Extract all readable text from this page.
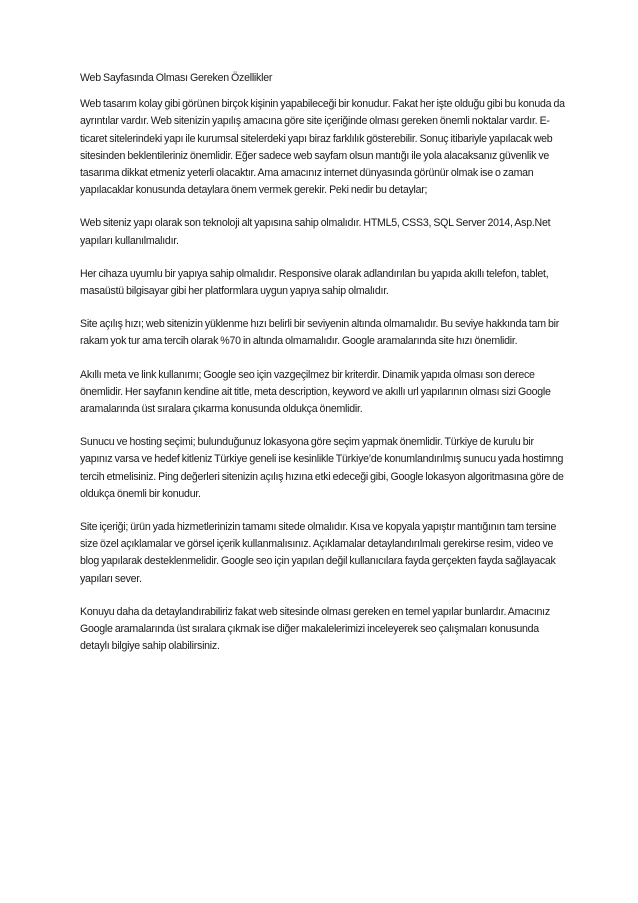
Web Sayfasında Olması Gereken Özellikler

Web tasarım kolay gibi görünen birçok kişinin yapabileceği bir konudur. Fakat her işte olduğu gibi bu konuda da ayrıntılar vardır. Web sitenizin yapılış amacına göre site içeriğinde olması gereken önemli noktalar vardır. E-ticaret sitelerindeki yapı ile kurumsal sitelerdeki yapı biraz farklılık gösterebilir. Sonuç itibariyle yapılacak web sitesinden beklentileriniz önemlidir. Eğer sadece web sayfam olsun mantığı ile yola alacaksanız güvenlik ve tasarıma dikkat etmeniz yeterli olacaktır. Ama amacınız internet dünyasında görünür olmak ise o zaman yapılacaklar konusunda detaylara önem vermek gerekir. Peki nedir bu detaylar;

Web siteniz yapı olarak son teknoloji alt yapısına sahip olmalıdır. HTML5, CSS3, SQL Server 2014, Asp.Net yapıları kullanılmalıdır.

Her cihaza uyumlu bir yapıya sahip olmalıdır. Responsive olarak adlandırılan bu yapıda akıllı telefon, tablet, masaüstü bilgisayar gibi her platformlara uygun yapıya sahip olmalıdır.

Site açılış hızı; web sitenizin yüklenme hızı belirli bir seviyenin altında olmamalıdır. Bu seviye hakkında tam bir rakam yok tur ama tercih olarak %70 in altında olmamalıdır. Google aramalarında site hızı önemlidir.

Akıllı meta ve link kullanımı; Google seo için vazgeçilmez bir kriterdir. Dinamik yapıda olması son derece önemlidir. Her sayfanın kendine ait title, meta description, keyword ve akıllı url yapılarının olması sizi Google aramalarında üst sıralara çıkarma konusunda oldukça önemlidir.

Sunucu ve hosting seçimi; bulunduğunuz lokasyona göre seçim yapmak önemlidir. Türkiye de kurulu bir yapınız varsa ve hedef kitleniz Türkiye geneli ise kesinlikle Türkiye’de konumlandırılmış sunucu yada hostimng tercih etmelisiniz. Ping değerleri sitenizin açılış hızına etki edeceği gibi, Google lokasyon algoritmasına göre de oldukça önemli bir konudur.

Site içeriği; ürün yada hizmetlerinizin tamamı sitede olmalıdır. Kısa ve kopyala yapıştır mantığının tam tersine size özel açıklamalar ve görsel içerik kullanmalısınız. Açıklamalar detaylandırılmalı gerekirse resim, video ve blog yapılarak desteklenmelidir. Google seo için yapılan değil kullanıcılara fayda gerçekten fayda sağlayacak yapıları sever.

Konuyu daha da detaylandırabiliriz fakat web sitesinde olması gereken en temel yapılar bunlardır. Amacınız Google aramalarında üst sıralara çıkmak ise diğer makalelerimizi inceleyerek seo çalışmaları konusunda detaylı bilgiye sahip olabilirsiniz.
